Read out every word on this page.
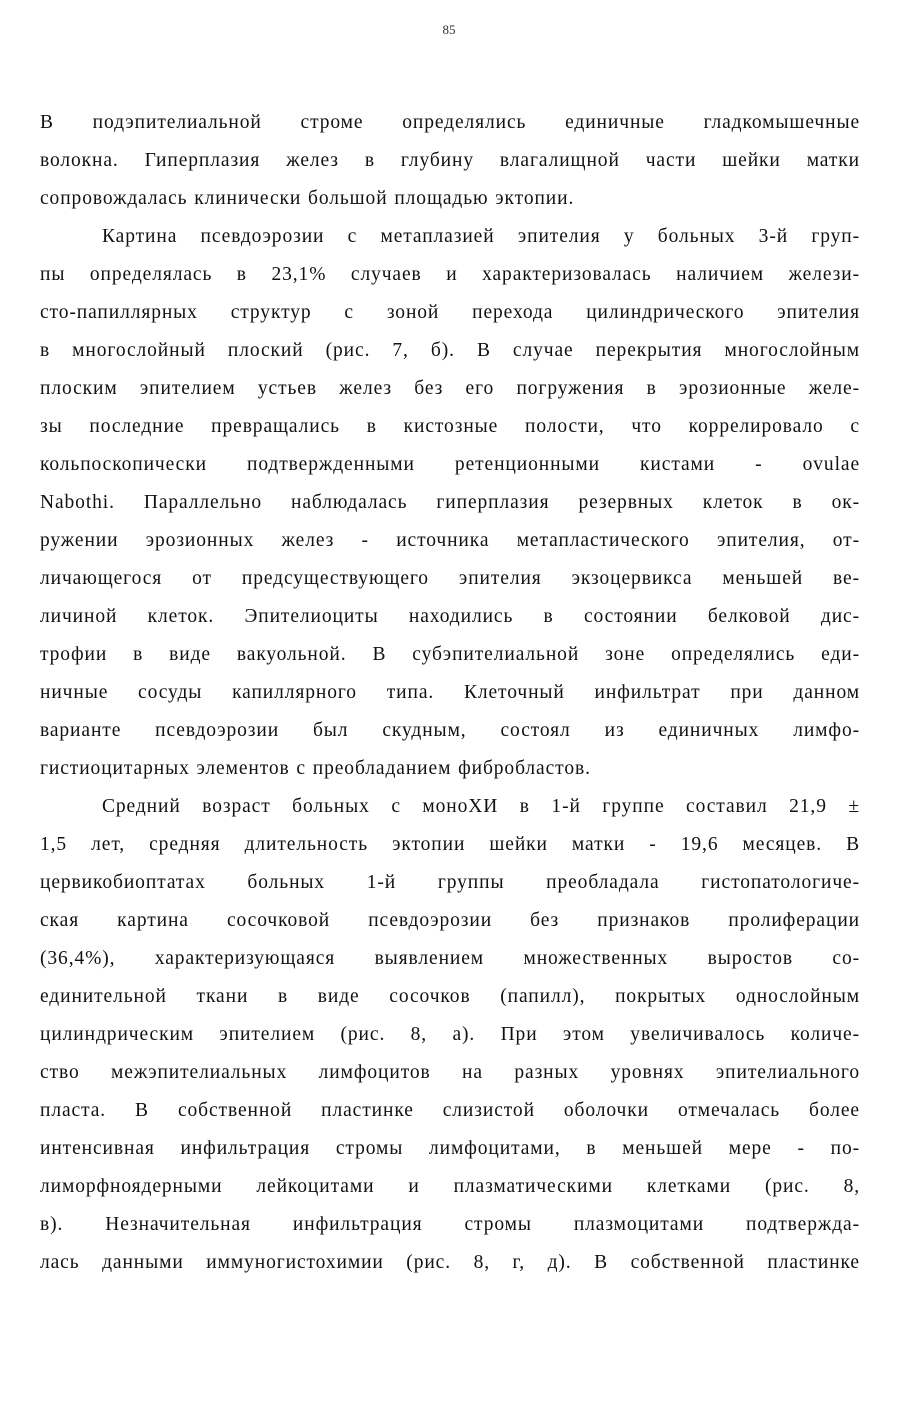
85
В подэпителиальной строме определялись единичные гладкомышечные
волокна. Гиперплазия желез в глубину влагалищной части шейки матки
сопровождалась клинически большой площадью эктопии.
Картина псевдоэрозии с метаплазией эпителия у больных 3-й груп-
пы определялась в 23,1% случаев и характеризовалась наличием желези-
сто-папиллярных структур с зоной перехода цилиндрического эпителия
в многослойный плоский (рис. 7, б). В случае перекрытия многослойным
плоским эпителием устьев желез без его погружения в эрозионные желе-
зы последние превращались в кистозные полости, что коррелировало с
кольпоскопически подтвержденными ретенционными кистами - ovulae
Nabothi. Параллельно наблюдалась гиперплазия резервных клеток в ок-
ружении эрозионных желез - источника метапластического эпителия, от-
личающегося от предсуществующего эпителия экзоцервикса меньшей ве-
личиной клеток. Эпителиоциты находились в состоянии белковой дис-
трофии в виде вакуольной. В субэпителиальной зоне определялись еди-
ничные сосуды капиллярного типа. Клеточный инфильтрат при данном
варианте псевдоэрозии был скудным, состоял из единичных лимфо-
гистиоцитарных элементов с преобладанием фибробластов.
Средний возраст больных с моноХИ в 1-й группе составил 21,9 ±
1,5 лет, средняя длительность эктопии шейки матки - 19,6 месяцев. В
цервикобиоптатах больных 1-й группы преобладала гистопатологиче-
ская картина сосочковой псевдоэрозии без признаков пролиферации
(36,4%), характеризующаяся выявлением множественных выростов со-
единительной ткани в виде сосочков (папилл), покрытых однослойным
цилиндрическим эпителием (рис. 8, а). При этом увеличивалось количе-
ство межэпителиальных лимфоцитов на разных уровнях эпителиального
пласта. В собственной пластинке слизистой оболочки отмечалась более
интенсивная инфильтрация стромы лимфоцитами, в меньшей мере - по-
лиморфноядерными лейкоцитами и плазматическими клетками (рис. 8,
в). Незначительная инфильтрация стромы плазмоцитами подтвержда-
лась данными иммуногистохимии (рис. 8, г, д). В собственной пластинке
